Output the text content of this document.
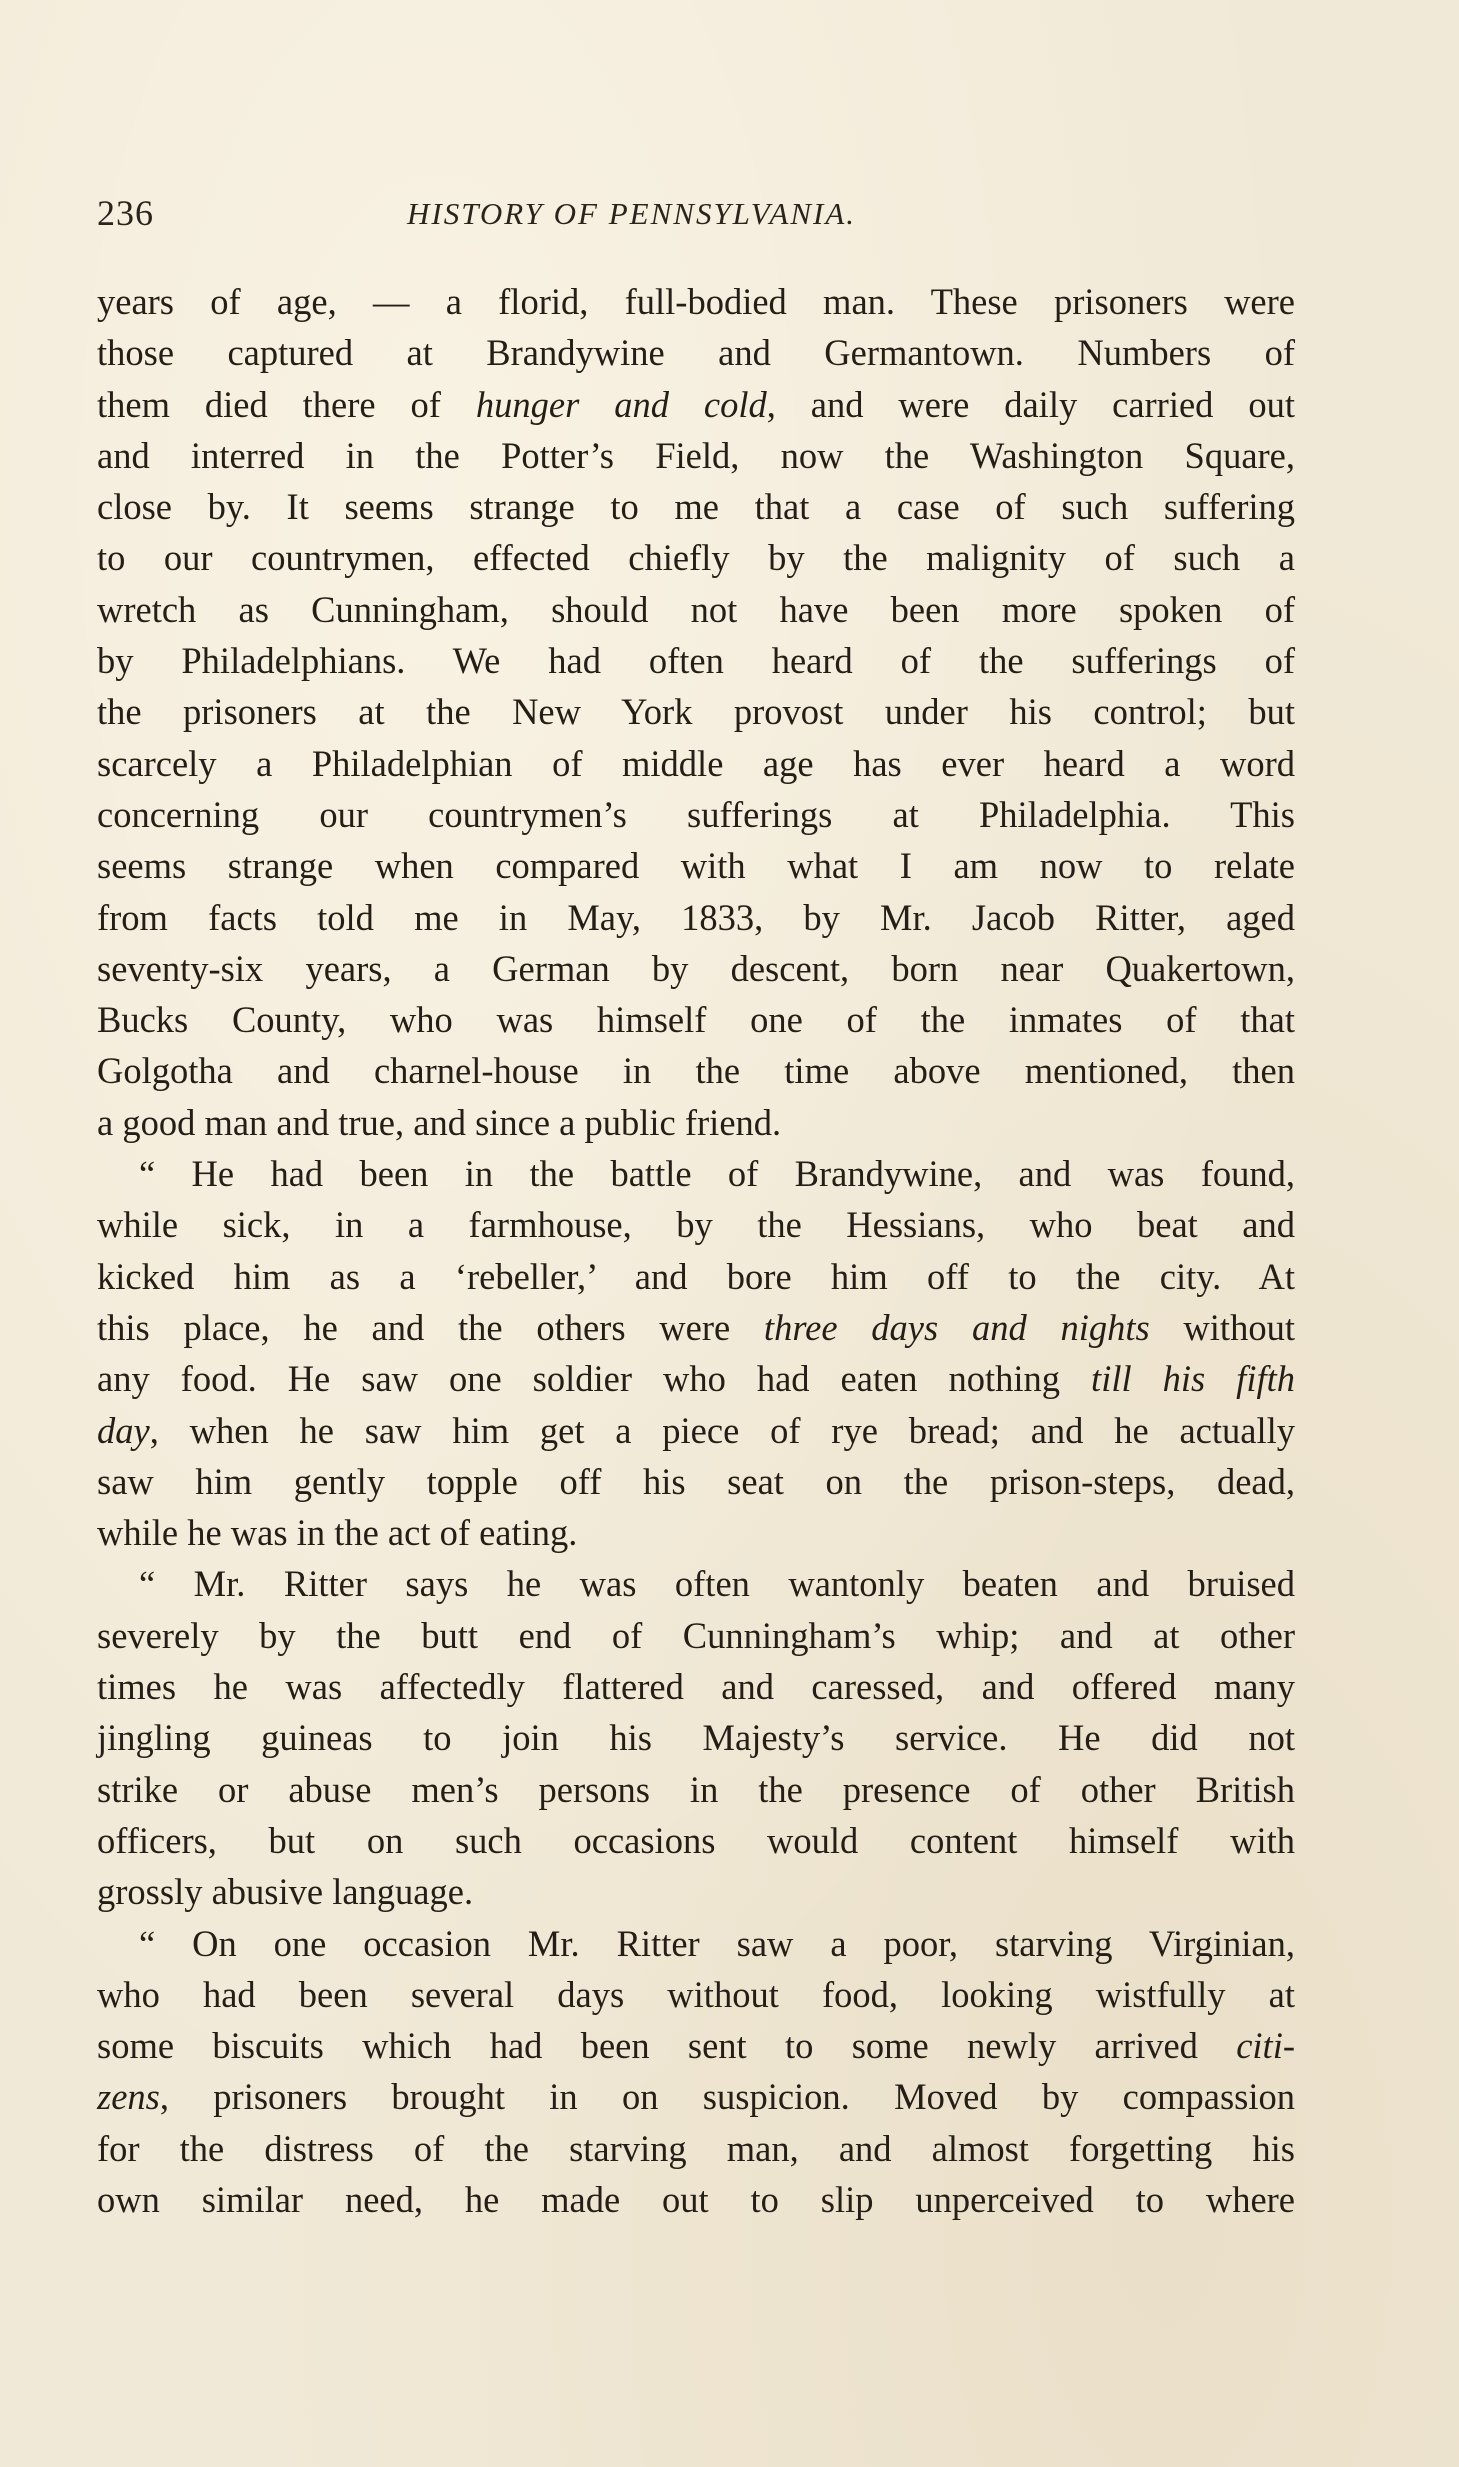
236	HISTORY OF PENNSYLVANIA.
years of age, — a florid, full-bodied man. These prisoners were
those captured at Brandywine and Germantown. Numbers of
them died there of hunger and cold, and were daily carried out
and interred in the Potter’s Field, now the Washington Square,
close by. It seems strange to me that a case of such suffering
to our countrymen, effected chiefly by the malignity of such a
wretch as Cunningham, should not have been more spoken of
by Philadelphians. We had often heard of the sufferings of
the prisoners at the New York provost under his control; but
scarcely a Philadelphian of middle age has ever heard a word
concerning our countrymen’s sufferings at Philadelphia. This
seems strange when compared with what I am now to relate
from facts told me in May, 1833, by Mr. Jacob Ritter, aged
seventy-six years, a German by descent, born near Quakertown,
Bucks County, who was himself one of the inmates of that
Golgotha and charnel-house in the time above mentioned, then
a good man and true, and since a public friend.
“ He had been in the battle of Brandywine, and was found,
while sick, in a farmhouse, by the Hessians, who beat and
kicked him as a ‘rebeller,’ and bore him off to the city. At
this place, he and the others were three days and nights without
any food. He saw one soldier who had eaten nothing till his fifth
day, when he saw him get a piece of rye bread; and he actually
saw him gently topple off his seat on the prison-steps, dead,
while he was in the act of eating.
“ Mr. Ritter says he was often wantonly beaten and bruised
severely by the butt end of Cunningham’s whip; and at other
times he was affectedly flattered and caressed, and offered many
jingling guineas to join his Majesty’s service. He did not
strike or abuse men’s persons in the presence of other British
officers, but on such occasions would content himself with
grossly abusive language.
“ On one occasion Mr. Ritter saw a poor, starving Virginian,
who had been several days without food, looking wistfully at
some biscuits which had been sent to some newly arrived citi-
zens, prisoners brought in on suspicion. Moved by compassion
for the distress of the starving man, and almost forgetting his
own similar need, he made out to slip unperceived to where
